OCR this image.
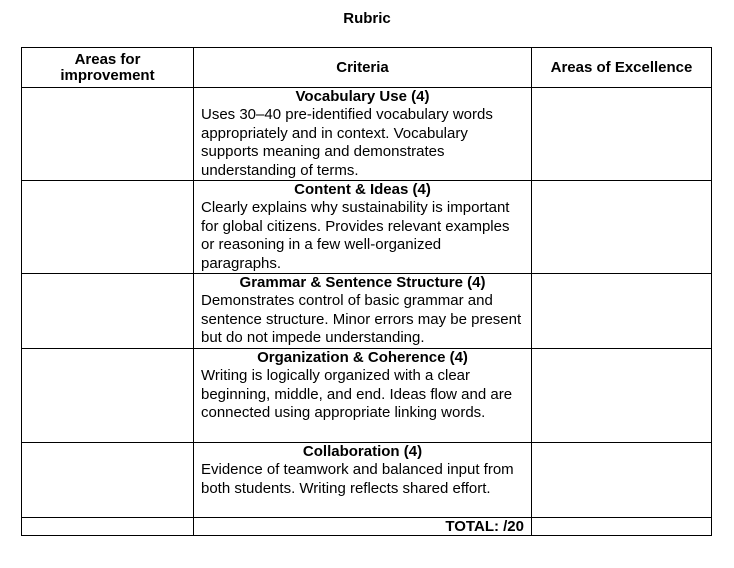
Rubric
Areas for improvement	Criteria	Areas of Excellence

	Vocabulary Use (4)
Uses 30–40 pre-identified vocabulary words appropriately and in context. Vocabulary supports meaning and demonstrates understanding of terms.	

	Content & Ideas (4)
Clearly explains why sustainability is important for global citizens. Provides relevant examples or reasoning in a few well-organized paragraphs.	

	Grammar & Sentence Structure (4)
Demonstrates control of basic grammar and sentence structure. Minor errors may be present but do not impede understanding.	

	Organization & Coherence (4)
Writing is logically organized with a clear beginning, middle, and end. Ideas flow and are connected using appropriate linking words.	

	Collaboration (4)
Evidence of teamwork and balanced input from both students. Writing reflects shared effort.	

	TOTAL: /20	
